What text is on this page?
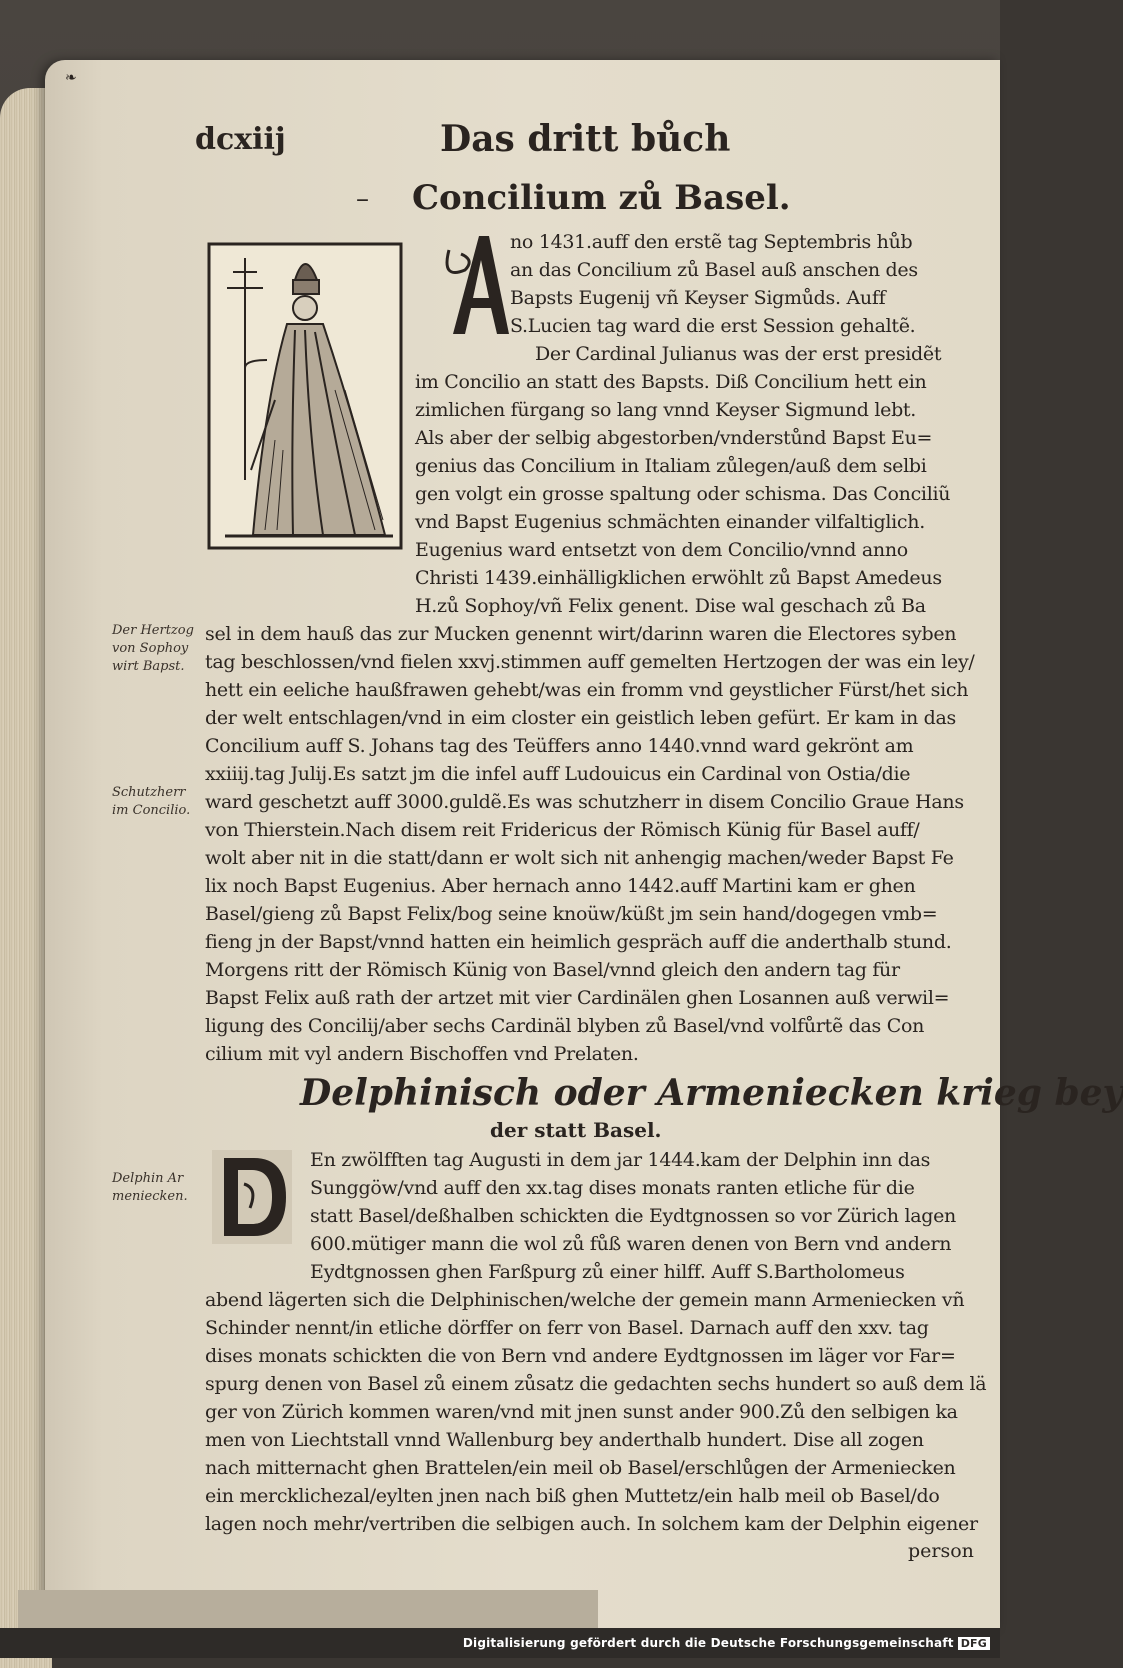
❧
dcxiij	Das dritt bůch
– Concilium zů Basel.
no 1431.auff den erstẽ tag Septembris hůb
an das Concilium zů Basel auß anschen des
Bapsts Eugenij vñ Keyser Sigmůds. Auff
S.Lucien tag ward die erst Session gehaltẽ.
Der Cardinal Julianus was der erst presidẽt
im Concilio an statt des Bapsts. Diß Concilium hett ein
zimlichen fürgang so lang vnnd Keyser Sigmund lebt.
Als aber der selbig abgestorben/vnderstůnd Bapst Eu=
genius das Concilium in Italiam zůlegen/auß dem selbi
gen volgt ein grosse spaltung oder schisma. Das Conciliũ
vnd Bapst Eugenius schmächten einander vilfaltiglich.
Eugenius ward entsetzt von dem Concilio/vnnd anno
Christi 1439.einhälligklichen erwöhlt zů Bapst Amedeus
H.zů Sophoy/vñ Felix genent. Dise wal geschach zů Ba
sel in dem hauß das zur Mucken genennt wirt/darinn waren die Electores syben
tag beschlossen/vnd fielen xxvj.stimmen auff gemelten Hertzogen der was ein ley/
hett ein eeliche haußfrawen gehebt/was ein fromm vnd geystlicher Fürst/het sich
der welt entschlagen/vnd in eim closter ein geistlich leben gefürt. Er kam in das
Concilium auff S. Johans tag des Teüffers anno 1440.vnnd ward gekrönt am
xxiiij.tag Julij.Es satzt jm die infel auff Ludouicus ein Cardinal von Ostia/die
ward geschetzt auff 3000.guldẽ.Es was schutzherr in disem Concilio Graue Hans
von Thierstein.Nach disem reit Fridericus der Römisch Künig für Basel auff/
wolt aber nit in die statt/dann er wolt sich nit anhengig machen/weder Bapst Fe
lix noch Bapst Eugenius. Aber hernach anno 1442.auff Martini kam er ghen
Basel/gieng zů Bapst Felix/bog seine knoüw/küßt jm sein hand/dogegen vmb=
fieng jn der Bapst/vnnd hatten ein heimlich gespräch auff die anderthalb stund.
Morgens ritt der Römisch Künig von Basel/vnnd gleich den andern tag für
Bapst Felix auß rath der artzet mit vier Cardinälen ghen Losannen auß verwil=
ligung des Concilij/aber sechs Cardinäl blyben zů Basel/vnd volfůrtẽ das Con
cilium mit vyl andern Bischoffen vnd Prelaten.
Der Hertzog von Sophoy wirt Bapst.
Schutzherr im Concilio.
Delphinisch oder Armeniecken krieg bey
der statt Basel.
En zwölfften tag Augusti in dem jar 1444.kam der Delphin inn das
Sunggöw/vnd auff den xx.tag dises monats ranten etliche für die
statt Basel/deßhalben schickten die Eydtgnossen so vor Zürich lagen
600.mütiger mann die wol zů fůß waren denen von Bern vnd andern
Eydtgnossen ghen Farßpurg zů einer hilff. Auff S.Bartholomeus
abend lägerten sich die Delphinischen/welche der gemein mann Armeniecken vñ
Schinder nennt/in etliche dörffer on ferr von Basel. Darnach auff den xxv. tag
dises monats schickten die von Bern vnd andere Eydtgnossen im läger vor Far=
spurg denen von Basel zů einem zůsatz die gedachten sechs hundert so auß dem lä
ger von Zürich kommen waren/vnd mit jnen sunst ander 900.Zů den selbigen ka
men von Liechtstall vnnd Wallenburg bey anderthalb hundert. Dise all zogen
nach mitternacht ghen Brattelen/ein meil ob Basel/erschlůgen der Armeniecken
ein mercklichezal/eylten jnen nach biß ghen Muttetz/ein halb meil ob Basel/do
lagen noch mehr/vertriben die selbigen auch. In solchem kam der Delphin eigener
person
Delphin Ar meniecken.
Digitalisierung gefördert durch die Deutsche Forschungsgemeinschaft DFG
